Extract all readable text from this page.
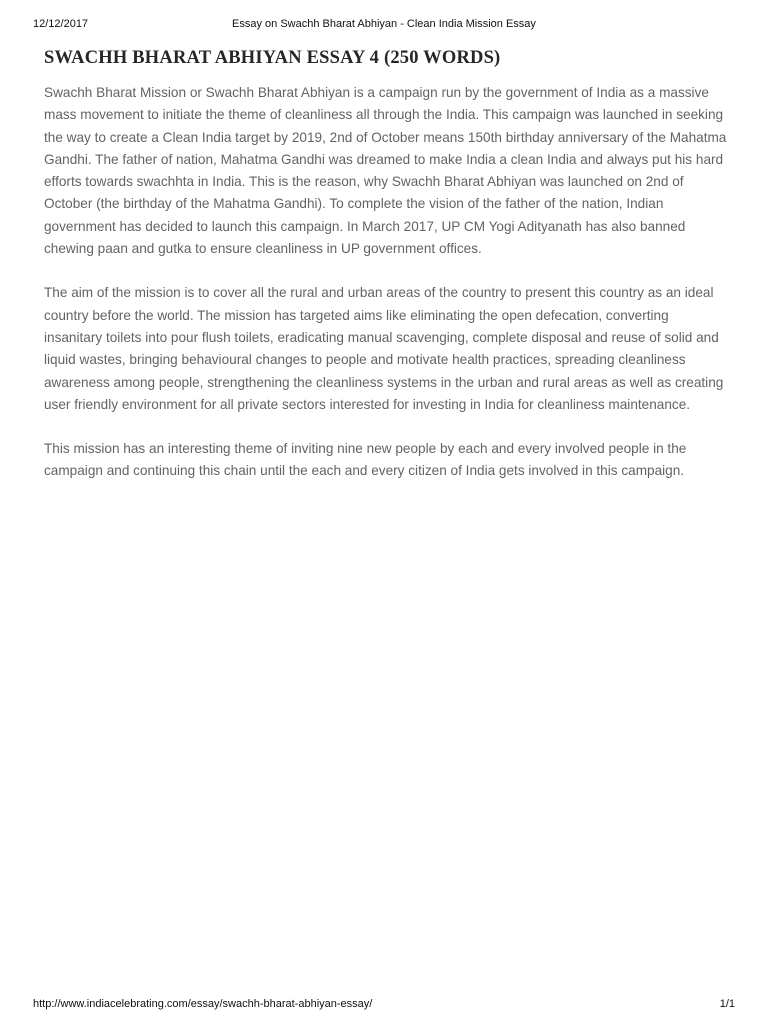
12/12/2017	Essay on Swachh Bharat Abhiyan - Clean India Mission Essay
SWACHH BHARAT ABHIYAN ESSAY 4 (250 WORDS)

Swachh Bharat Mission or Swachh Bharat Abhiyan is a campaign run by the government of India as a massive mass movement to initiate the theme of cleanliness all through the India. This campaign was launched in seeking the way to create a Clean India target by 2019, 2nd of October means 150th birthday anniversary of the Mahatma Gandhi. The father of nation, Mahatma Gandhi was dreamed to make India a clean India and always put his hard efforts towards swachhta in India. This is the reason, why Swachh Bharat Abhiyan was launched on 2nd of October (the birthday of the Mahatma Gandhi). To complete the vision of the father of the nation, Indian government has decided to launch this campaign. In March 2017, UP CM Yogi Adityanath has also banned chewing paan and gutka to ensure cleanliness in UP government offices.

The aim of the mission is to cover all the rural and urban areas of the country to present this country as an ideal country before the world. The mission has targeted aims like eliminating the open defecation, converting insanitary toilets into pour flush toilets, eradicating manual scavenging, complete disposal and reuse of solid and liquid wastes, bringing behavioural changes to people and motivate health practices, spreading cleanliness awareness among people, strengthening the cleanliness systems in the urban and rural areas as well as creating user friendly environment for all private sectors interested for investing in India for cleanliness maintenance.

This mission has an interesting theme of inviting nine new people by each and every involved people in the campaign and continuing this chain until the each and every citizen of India gets involved in this campaign.

http://www.indiacelebrating.com/essay/swachh-bharat-abhiyan-essay/	1/1
